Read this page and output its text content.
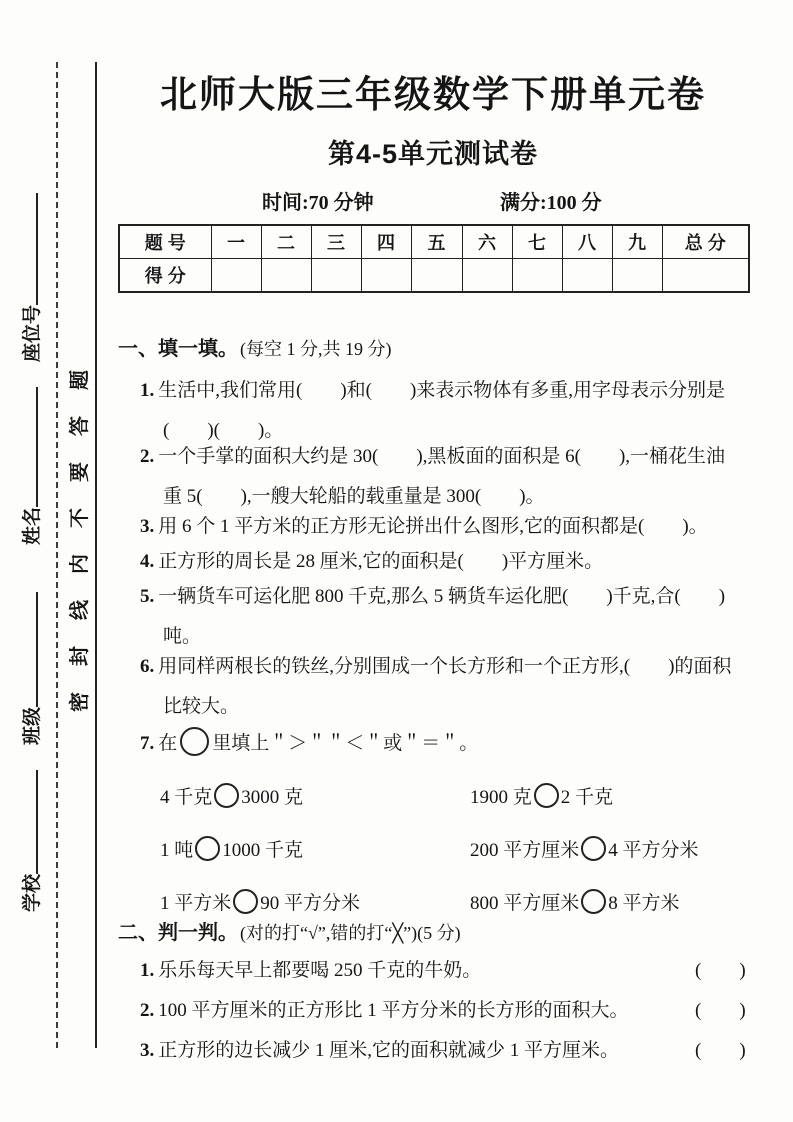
密　封　线　内　不　要　答　题
学校
班级
姓名
座位号
北师大版三年级数学下册单元卷
第4-5单元测试卷
时间:70 分钟	满分:100 分
题 号	一	二	三	四	五	六	七	八	九	总 分
得 分										
一、填一填。 (每空 1 分,共 19 分)
1. 生活中,我们常用(　　)和(　　)来表示物体有多重,用字母表示分别是
(　　)(　　)。
2. 一个手掌的面积大约是 30(　　),黑板面的面积是 6(　　),一桶花生油
重 5(　　),一艘大轮船的载重量是 300(　　)。
3. 用 6 个 1 平方米的正方形无论拼出什么图形,它的面积都是(　　)。
4. 正方形的周长是 28 厘米,它的面积是(　　)平方厘米。
5. 一辆货车可运化肥 800 千克,那么 5 辆货车运化肥(　　)千克,合(　　)
吨。
6. 用同样两根长的铁丝,分别围成一个长方形和一个正方形,(　　)的面积
比较大。
7. 在 里填上＂＞＂＂＜＂或＂＝＂。
4 千克 3000 克	1900 克 2 千克
1 吨 1000 千克	200 平方厘米 4 平方分米
1 平方米 90 平方分米	800 平方厘米 8 平方米
二、判一判。 (对的打“√”,错的打“╳”)(5 分)
1. 乐乐每天早上都要喝 250 千克的牛奶。	(　　)
2. 100 平方厘米的正方形比 1 平方分米的长方形的面积大。	(　　)
3. 正方形的边长减少 1 厘米,它的面积就减少 1 平方厘米。	(　　)
